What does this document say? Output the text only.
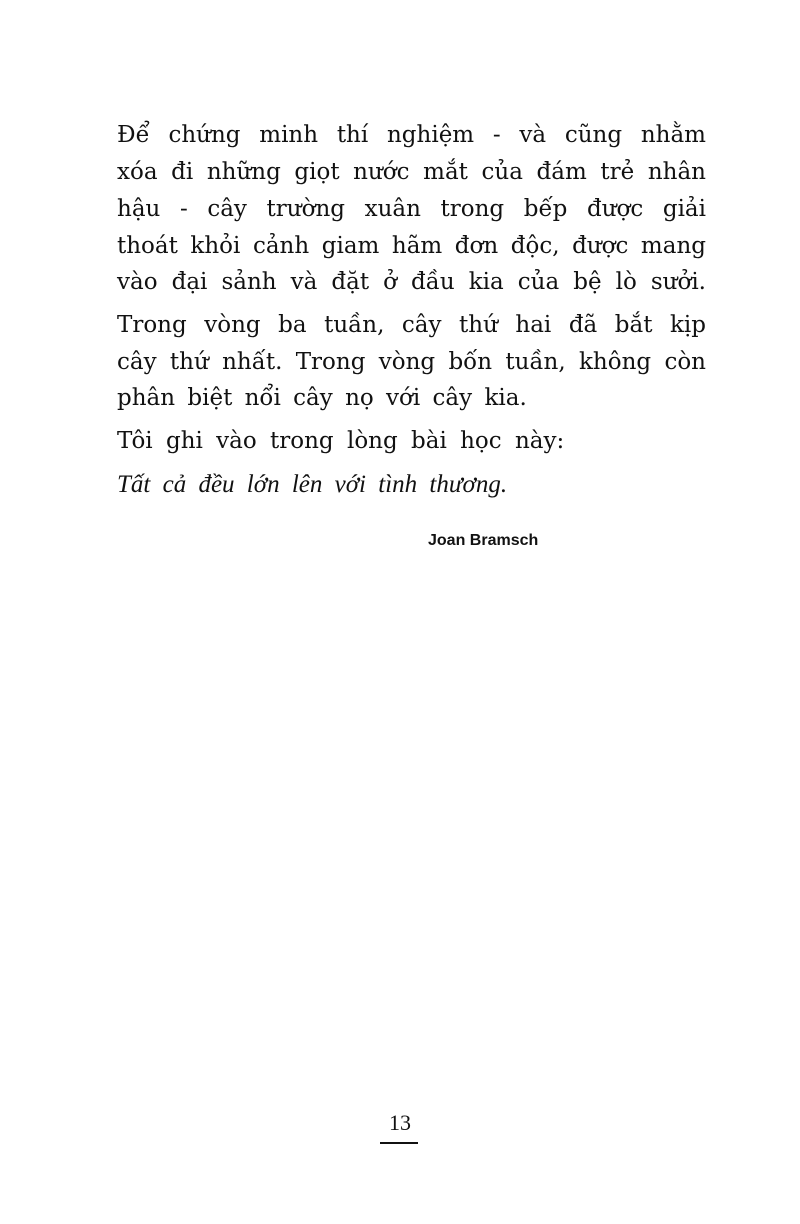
Để chứng minh thí nghiệm - và cũng nhằm
xóa đi những giọt nước mắt của đám trẻ nhân
hậu - cây trường xuân trong bếp được giải
thoát khỏi cảnh giam hãm đơn độc, được mang
vào đại sảnh và đặt ở đầu kia của bệ lò sưởi.
Trong vòng ba tuần, cây thứ hai đã bắt kịp
cây thứ nhất. Trong vòng bốn tuần, không còn
phân biệt nổi cây nọ với cây kia.
Tôi ghi vào trong lòng bài học này:
Tất cả đều lớn lên với tình thương.
Joan Bramsch
13
